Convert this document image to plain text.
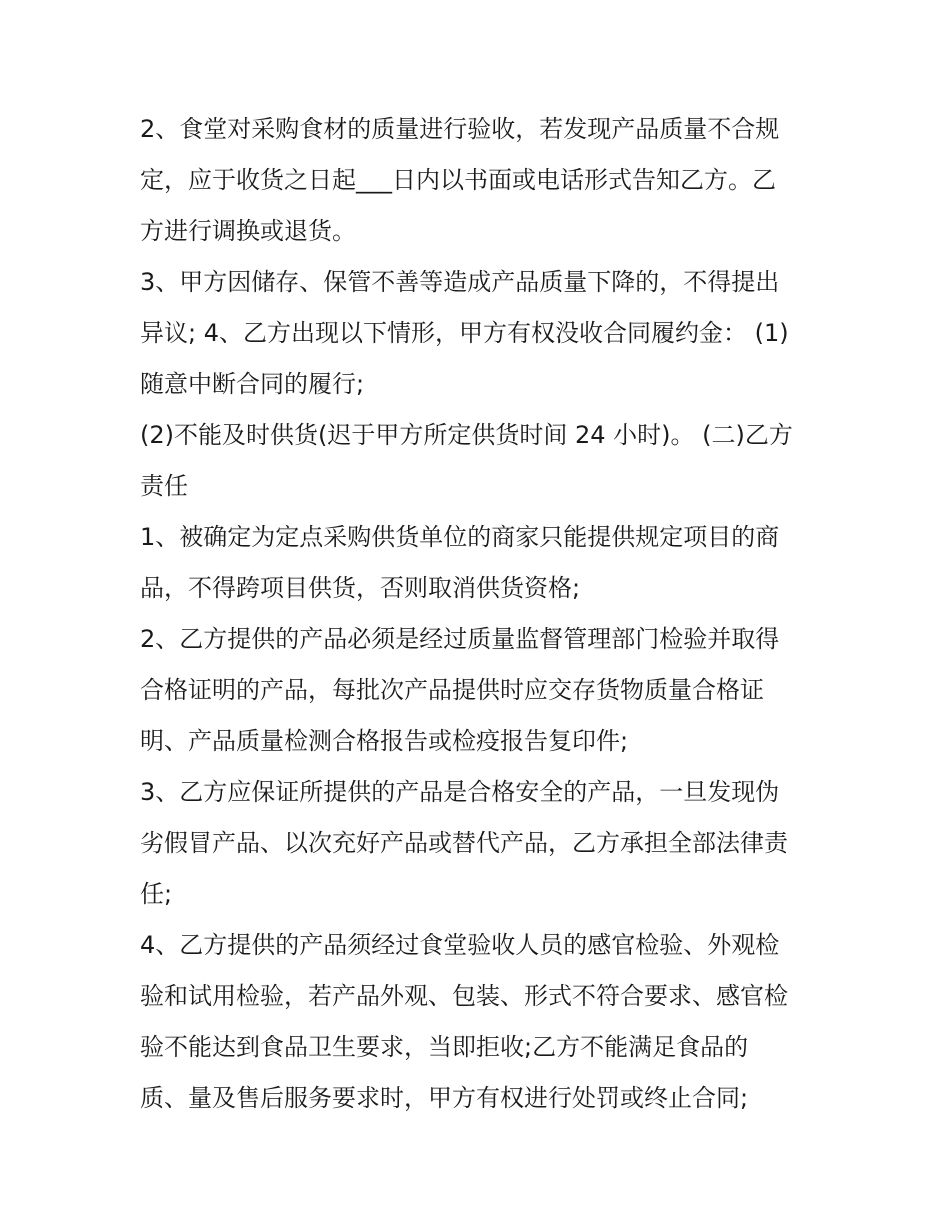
2、食堂对采购食材的质量进行验收，若发现产品质量不合规
定，应于收货之日起___日内以书面或电话形式告知乙方。乙
方进行调换或退货。
3、甲方因储存、保管不善等造成产品质量下降的，不得提出
异议; 4、乙方出现以下情形，甲方有权没收合同履约金： (1)
随意中断合同的履行;
(2)不能及时供货(迟于甲方所定供货时间 24 小时)。 (二)乙方
责任
1、被确定为定点采购供货单位的商家只能提供规定项目的商
品，不得跨项目供货，否则取消供货资格;
2、乙方提供的产品必须是经过质量监督管理部门检验并取得
合格证明的产品，每批次产品提供时应交存货物质量合格证
明、产品质量检测合格报告或检疫报告复印件;
3、乙方应保证所提供的产品是合格安全的产品，一旦发现伪
劣假冒产品、以次充好产品或替代产品，乙方承担全部法律责
任;
4、乙方提供的产品须经过食堂验收人员的感官检验、外观检
验和试用检验，若产品外观、包装、形式不符合要求、感官检
验不能达到食品卫生要求，当即拒收;乙方不能满足食品的
质、量及售后服务要求时，甲方有权进行处罚或终止合同;
